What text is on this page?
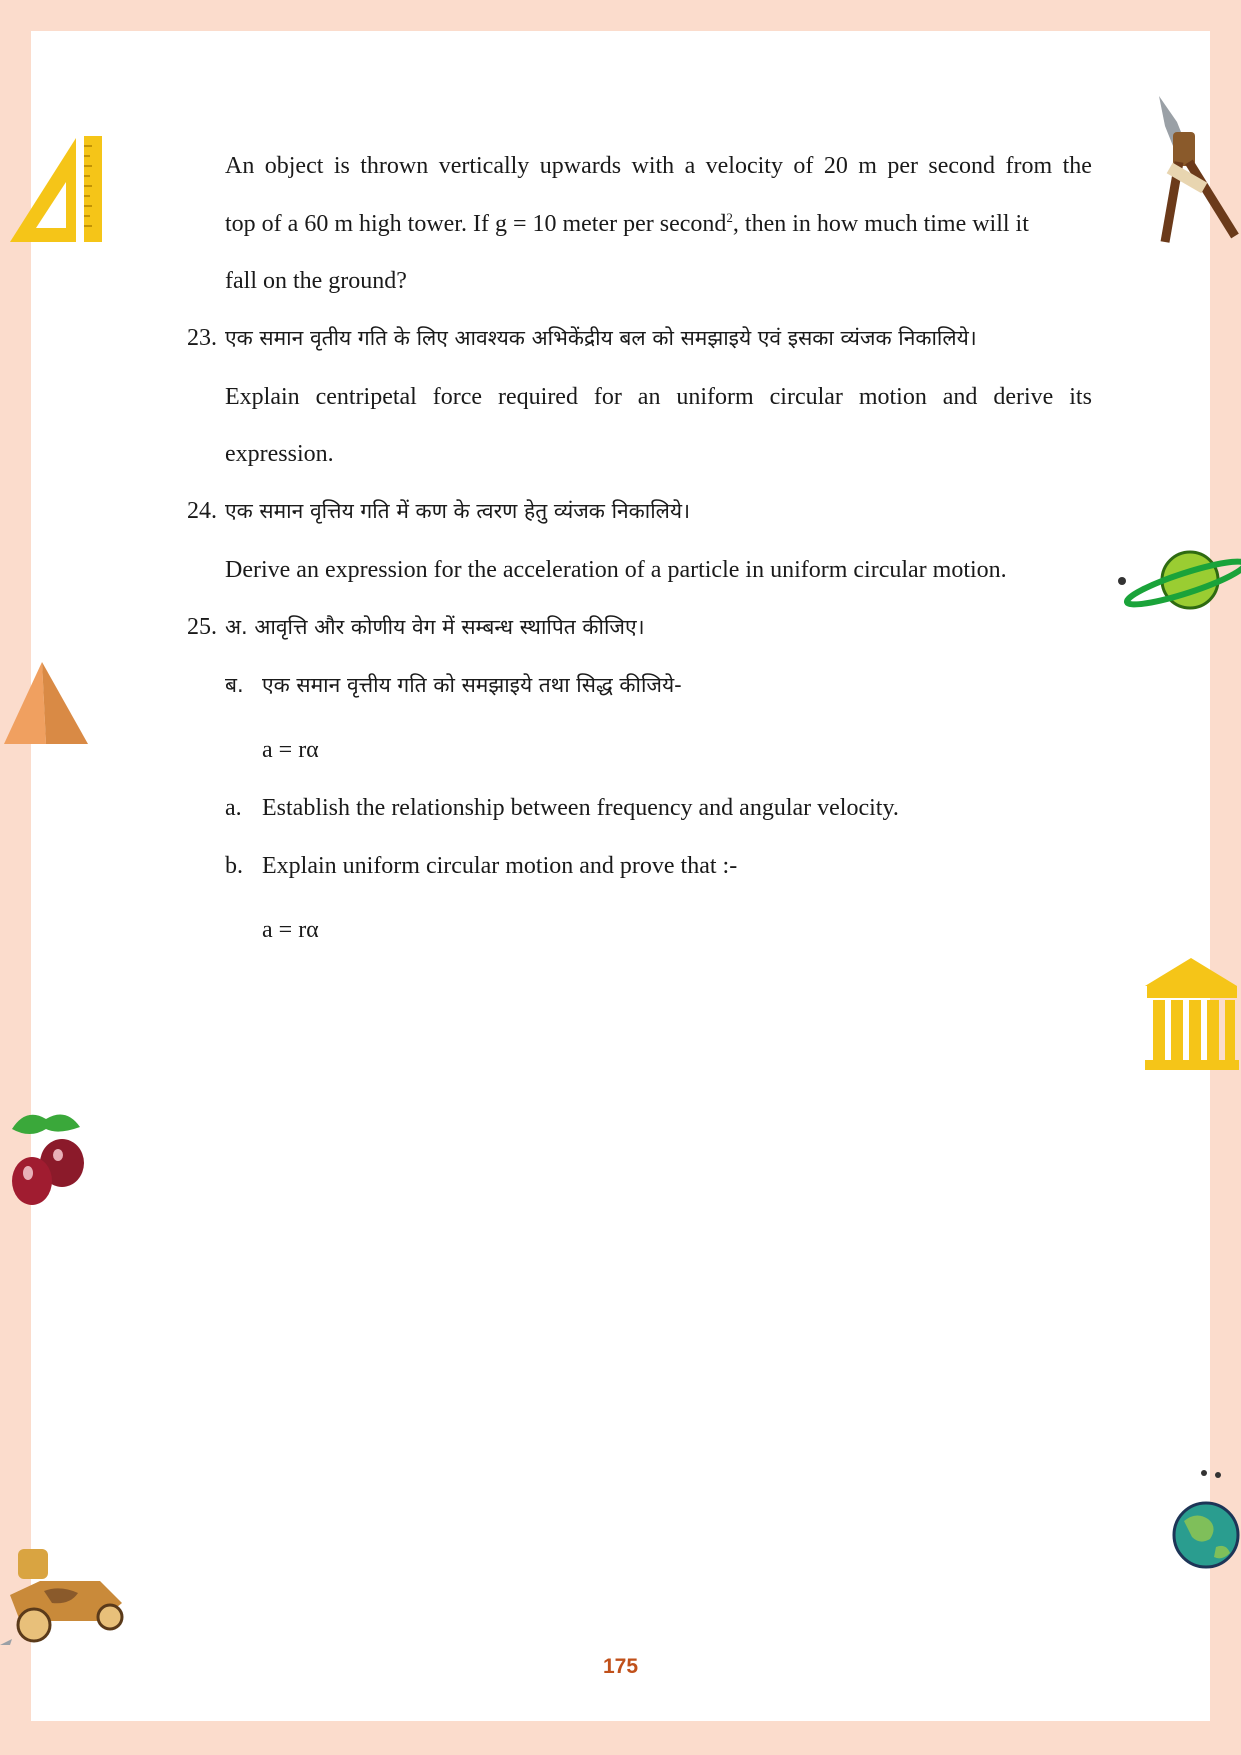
An object is thrown vertically upwards with a velocity of 20 m per second from the
top of a 60 m high tower. If g = 10 meter per second$^2$, then in how much time will it
fall on the ground?
23. एक समान वृतीय गति के लिए आवश्यक अभिकेंद्रीय बल को समझाइये एवं इसका व्यंजक निकालिये।
Explain centripetal force required for an uniform circular motion and derive its
expression.
24. एक समान वृत्तिय गति में कण के त्वरण हेतु व्यंजक निकालिये।
Derive an expression for the acceleration of a particle in uniform circular motion.
25. अ. आवृत्ति और कोणीय वेग में सम्बन्ध स्थापित कीजिए।
ब. एक समान वृत्तीय गति को समझाइये तथा सिद्ध कीजिये-
a = rα
a. Establish the relationship between frequency and angular velocity.
b. Explain uniform circular motion and prove that :-
a = rα
175
